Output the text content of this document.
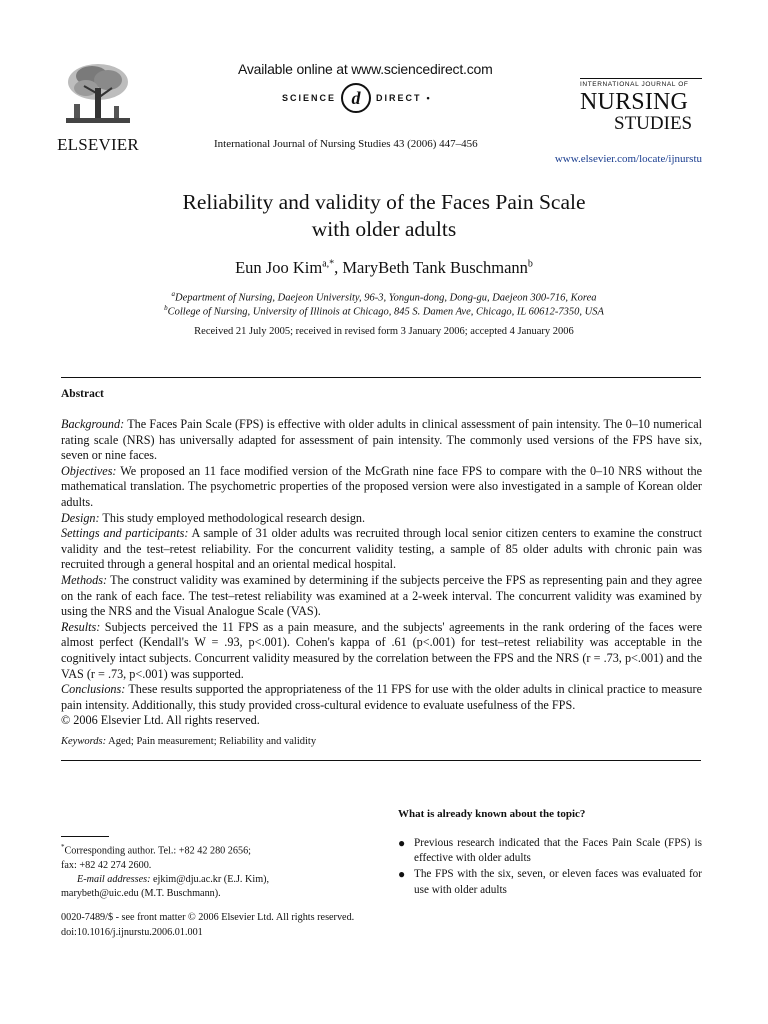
ELSEVIER
Available online at www.sciencedirect.com
SCIENCE d	DIRECT •
International Journal of Nursing Studies 43 (2006) 447–456
INTERNATIONAL JOURNAL OF
NURSING
STUDIES
www.elsevier.com/locate/ijnurstu
Reliability and validity of the Faces Pain Scale
with older adults
Eun Joo Kim$^{a,*}$, MaryBeth Tank Buschmann$^b$
$^a$Department of Nursing, Daejeon University, 96-3, Yongun-dong, Dong-gu, Daejeon 300-716, Korea
$^b$College of Nursing, University of Illinois at Chicago, 845 S. Damen Ave, Chicago, IL 60612-7350, USA
Received 21 July 2005; received in revised form 3 January 2006; accepted 4 January 2006
Abstract

Background: The Faces Pain Scale (FPS) is effective with older adults in clinical assessment of pain intensity. The 0–10 numerical rating scale (NRS) has universally adapted for assessment of pain intensity. The commonly used versions of the FPS have six, seven or nine faces.

Objectives: We proposed an 11 face modified version of the McGrath nine face FPS to compare with the 0–10 NRS without the mathematical translation. The psychometric properties of the proposed version were also investigated in a sample of Korean older adults.

Design: This study employed methodological research design.

Settings and participants: A sample of 31 older adults was recruited through local senior citizen centers to examine the construct validity and the test–retest reliability. For the concurrent validity testing, a sample of 85 older adults with chronic pain was recruited through a general hospital and an oriental medical hospital.

Methods: The construct validity was examined by determining if the subjects perceive the FPS as representing pain and they agree on the rank of each face. The test–retest reliability was examined at a 2-week interval. The concurrent validity was examined by using the NRS and the Visual Analogue Scale (VAS).

Results: Subjects perceived the 11 FPS as a pain measure, and the subjects' agreements in the rank ordering of the faces were almost perfect (Kendall's W = .93, p<.001). Cohen's kappa of .61 (p<.001) for test–retest reliability was acceptable in the cognitively intact subjects. Concurrent validity measured by the correlation between the FPS and the NRS (r = .73, p<.001) and the VAS (r = .73, p<.001) was supported.

Conclusions: These results supported the appropriateness of the 11 FPS for use with the older adults in clinical practice to measure pain intensity. Additionally, this study provided cross-cultural evidence to evaluate usefulness of the FPS.

© 2006 Elsevier Ltd. All rights reserved.

Keywords: Aged; Pain measurement; Reliability and validity
What is already known about the topic?
● Previous research indicated that the Faces Pain Scale (FPS) is effective with older adults
● The FPS with the six, seven, or eleven faces was evaluated for use with older adults
*Corresponding author. Tel.: +82 42 280 2656;
fax: +82 42 274 2600.
E-mail addresses: ejkim@dju.ac.kr (E.J. Kim),
marybeth@uic.edu (M.T. Buschmann).
0020-7489/$ - see front matter © 2006 Elsevier Ltd. All rights reserved.
doi:10.1016/j.ijnurstu.2006.01.001
